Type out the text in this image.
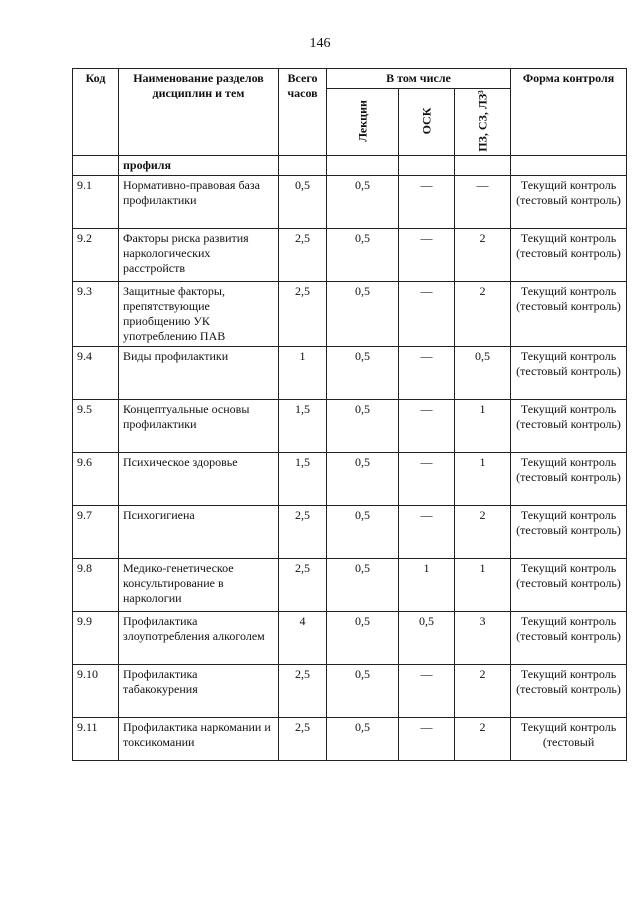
146
Код	Наименование разделов дисциплин и тем	Всего часов	В том числе			Форма контроля

			Лекции	ОСК	ПЗ, СЗ, ЛЗ³	

	профиля					
9.1	Нормативно-правовая база профилактики	0,5	0,5	—	—	Текущий контроль (тестовый контроль)
9.2	Факторы риска развития наркологических расстройств	2,5	0,5	—	2	Текущий контроль (тестовый контроль)
9.3	Защитные факторы, препятствующие приобщению УК употреблению ПАВ	2,5	0,5	—	2	Текущий контроль (тестовый контроль)
9.4	Виды профилактики	1	0,5	—	0,5	Текущий контроль (тестовый контроль)
9.5	Концептуальные основы профилактики	1,5	0,5	—	1	Текущий контроль (тестовый контроль)
9.6	Психическое здоровье	1,5	0,5	—	1	Текущий контроль (тестовый контроль)
9.7	Психогигиена	2,5	0,5	—	2	Текущий контроль (тестовый контроль)
9.8	Медико-генетическое консультирование в наркологии	2,5	0,5	1	1	Текущий контроль (тестовый контроль)
9.9	Профилактика злоупотребления алкоголем	4	0,5	0,5	3	Текущий контроль (тестовый контроль)
9.10	Профилактика табакокурения	2,5	0,5	—	2	Текущий контроль (тестовый контроль)
9.11	Профилактика наркомании и токсикомании	2,5	0,5	—	2	Текущий контроль (тестовый
